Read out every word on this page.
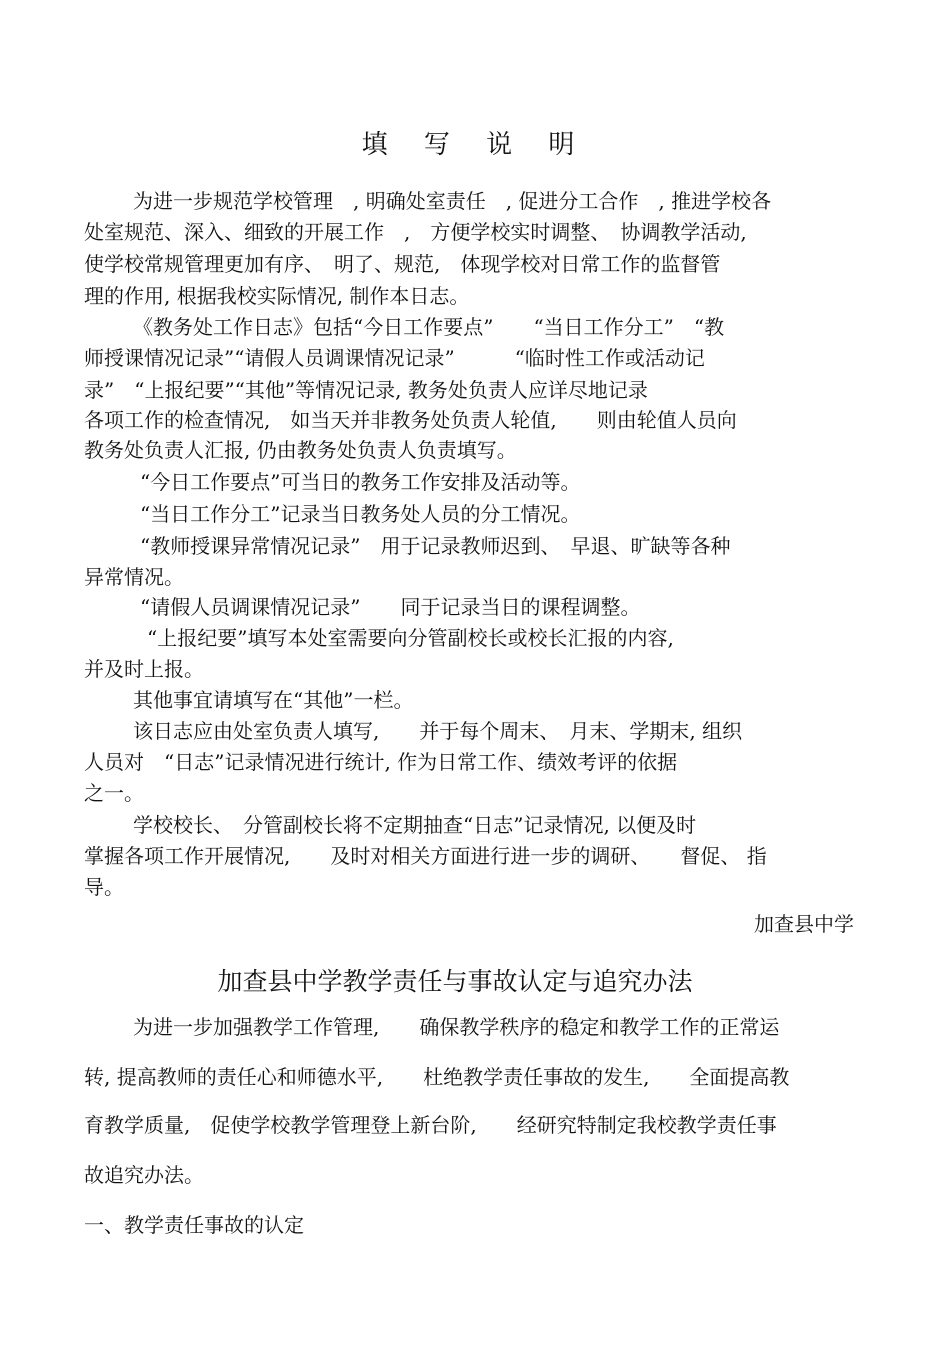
填 写 说 明
为进一步规范学校管理　, 明确处室责任　, 促进分工合作　, 推进学校各
处室规范、深入、细致的开展工作　,　方便学校实时调整、　协调教学活动,
使学校常规管理更加有序、　明了、规范,　体现学校对日常工作的监督管
理的作用, 根据我校实际情况, 制作本日志。
《教务处工作日志》包括“今日工作要点”　　“当日工作分工”　“教
师授课情况记录”“请假人员调课情况记录”　　　“临时性工作或活动记
录”　“上报纪要”“其他”等情况记录, 教务处负责人应详尽地记录
各项工作的检查情况,　如当天并非教务处负责人轮值,　　则由轮值人员向
教务处负责人汇报, 仍由教务处负责人负责填写。
“今日工作要点”可当日的教务工作安排及活动等。
“当日工作分工”记录当日教务处人员的分工情况。
“教师授课异常情况记录”　用于记录教师迟到、　早退、旷缺等各种
异常情况。
“请假人员调课情况记录”　　同于记录当日的课程调整。
“上报纪要”填写本处室需要向分管副校长或校长汇报的内容,
并及时上报。
其他事宜请填写在“其他”一栏。
该日志应由处室负责人填写,　　并于每个周末、　月末、学期末, 组织
人员对　“日志”记录情况进行统计, 作为日常工作、绩效考评的依据
之一。
学校校长、　分管副校长将不定期抽查“日志”记录情况, 以便及时
掌握各项工作开展情况,　　及时对相关方面进行进一步的调研、　　督促、 指
导。
加查县中学
加查县中学教学责任与事故认定与追究办法
为进一步加强教学工作管理,　　确保教学秩序的稳定和教学工作的正常运
转, 提高教师的责任心和师德水平,　　杜绝教学责任事故的发生,　　全面提高教
育教学质量,　促使学校教学管理登上新台阶,　　经研究特制定我校教学责任事
故追究办法。
一、教学责任事故的认定
